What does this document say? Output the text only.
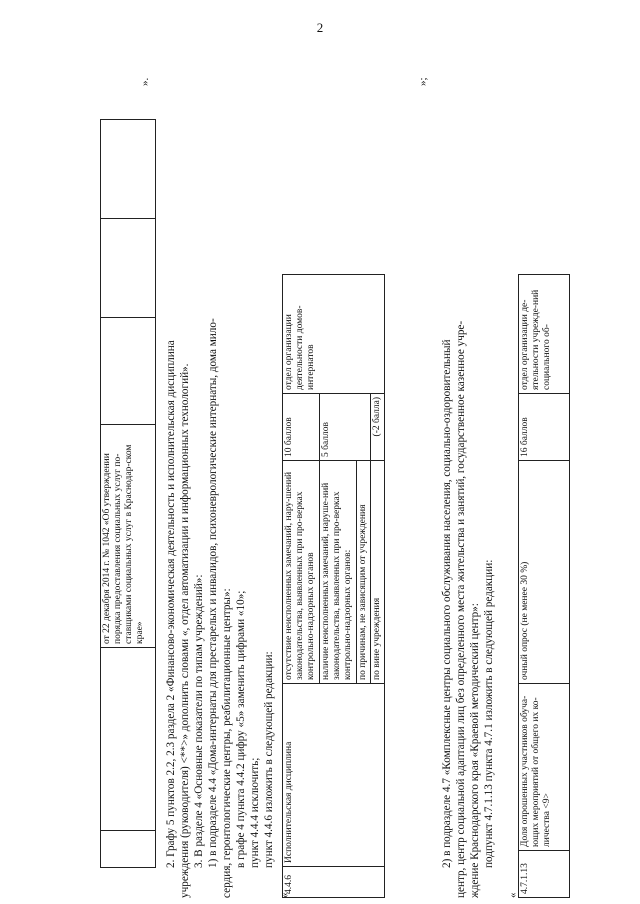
2
		от 22 декабря 2014 г. № 1042 «Об утверждении порядка предоставления социальных услуг по-ставщиками социальных услуг в Краснодар-ском крае»			
».
2. Графу 5 пунктов 2.2, 2.3 раздела 2 «Финансово-экономическая деятельность и исполнительская дисциплина учреждения (руководителя) <**>» дополнить словами «, отдел автоматизации и информационных технологий». 3. В разделе 4 «Основные показатели по типам учреждений»: 1) в подразделе 4.4 «Дома-интернаты для престарелых и инвалидов, психоневрологические интернаты, дома мило- сердия, геронтологические центры, реабилитационные центры»: в графе 4 пункта 4.4.2 цифру «5» заменить цифрами «10»; пункт 4.4.4 исключить; пункт 4.4.6 изложить в следующей редакции:
«
4.4.6	Исполнительская дисциплина	отсутствие неисполненных замечаний, нару-шений законодательства, выявленных при про-верках контрольно-надзорных органов	10 баллов	отдел организации деятельности домов-интернатов
		наличие неисполненных замечаний, наруше-ний законодательства, выявленных при про-верках контрольно-надзорных органов:	5 баллов	
		по причинам, не зависящим от учреждения		
		по вине учреждения	(-2 балла)	
»;
2) в подразделе 4.7 «Комплексные центры социального обслуживания населения, социально-оздоровительный центр, центр социальной адаптации лиц без определенного места жительства и занятий, государственное казенное учре- ждение Краснодарского края «Краевой методический центр»: подпункт 4.7.1.13 пункта 4.7.1 изложить в следующей редакции:
«
4.7.1.13	Доля опрошенных участников обуча-ющих мероприятий от общего их ко-личества <9>	очный опрос (не менее 30 %)	16 баллов	отдел организации де-ятельности учрежде-ний социального об-
